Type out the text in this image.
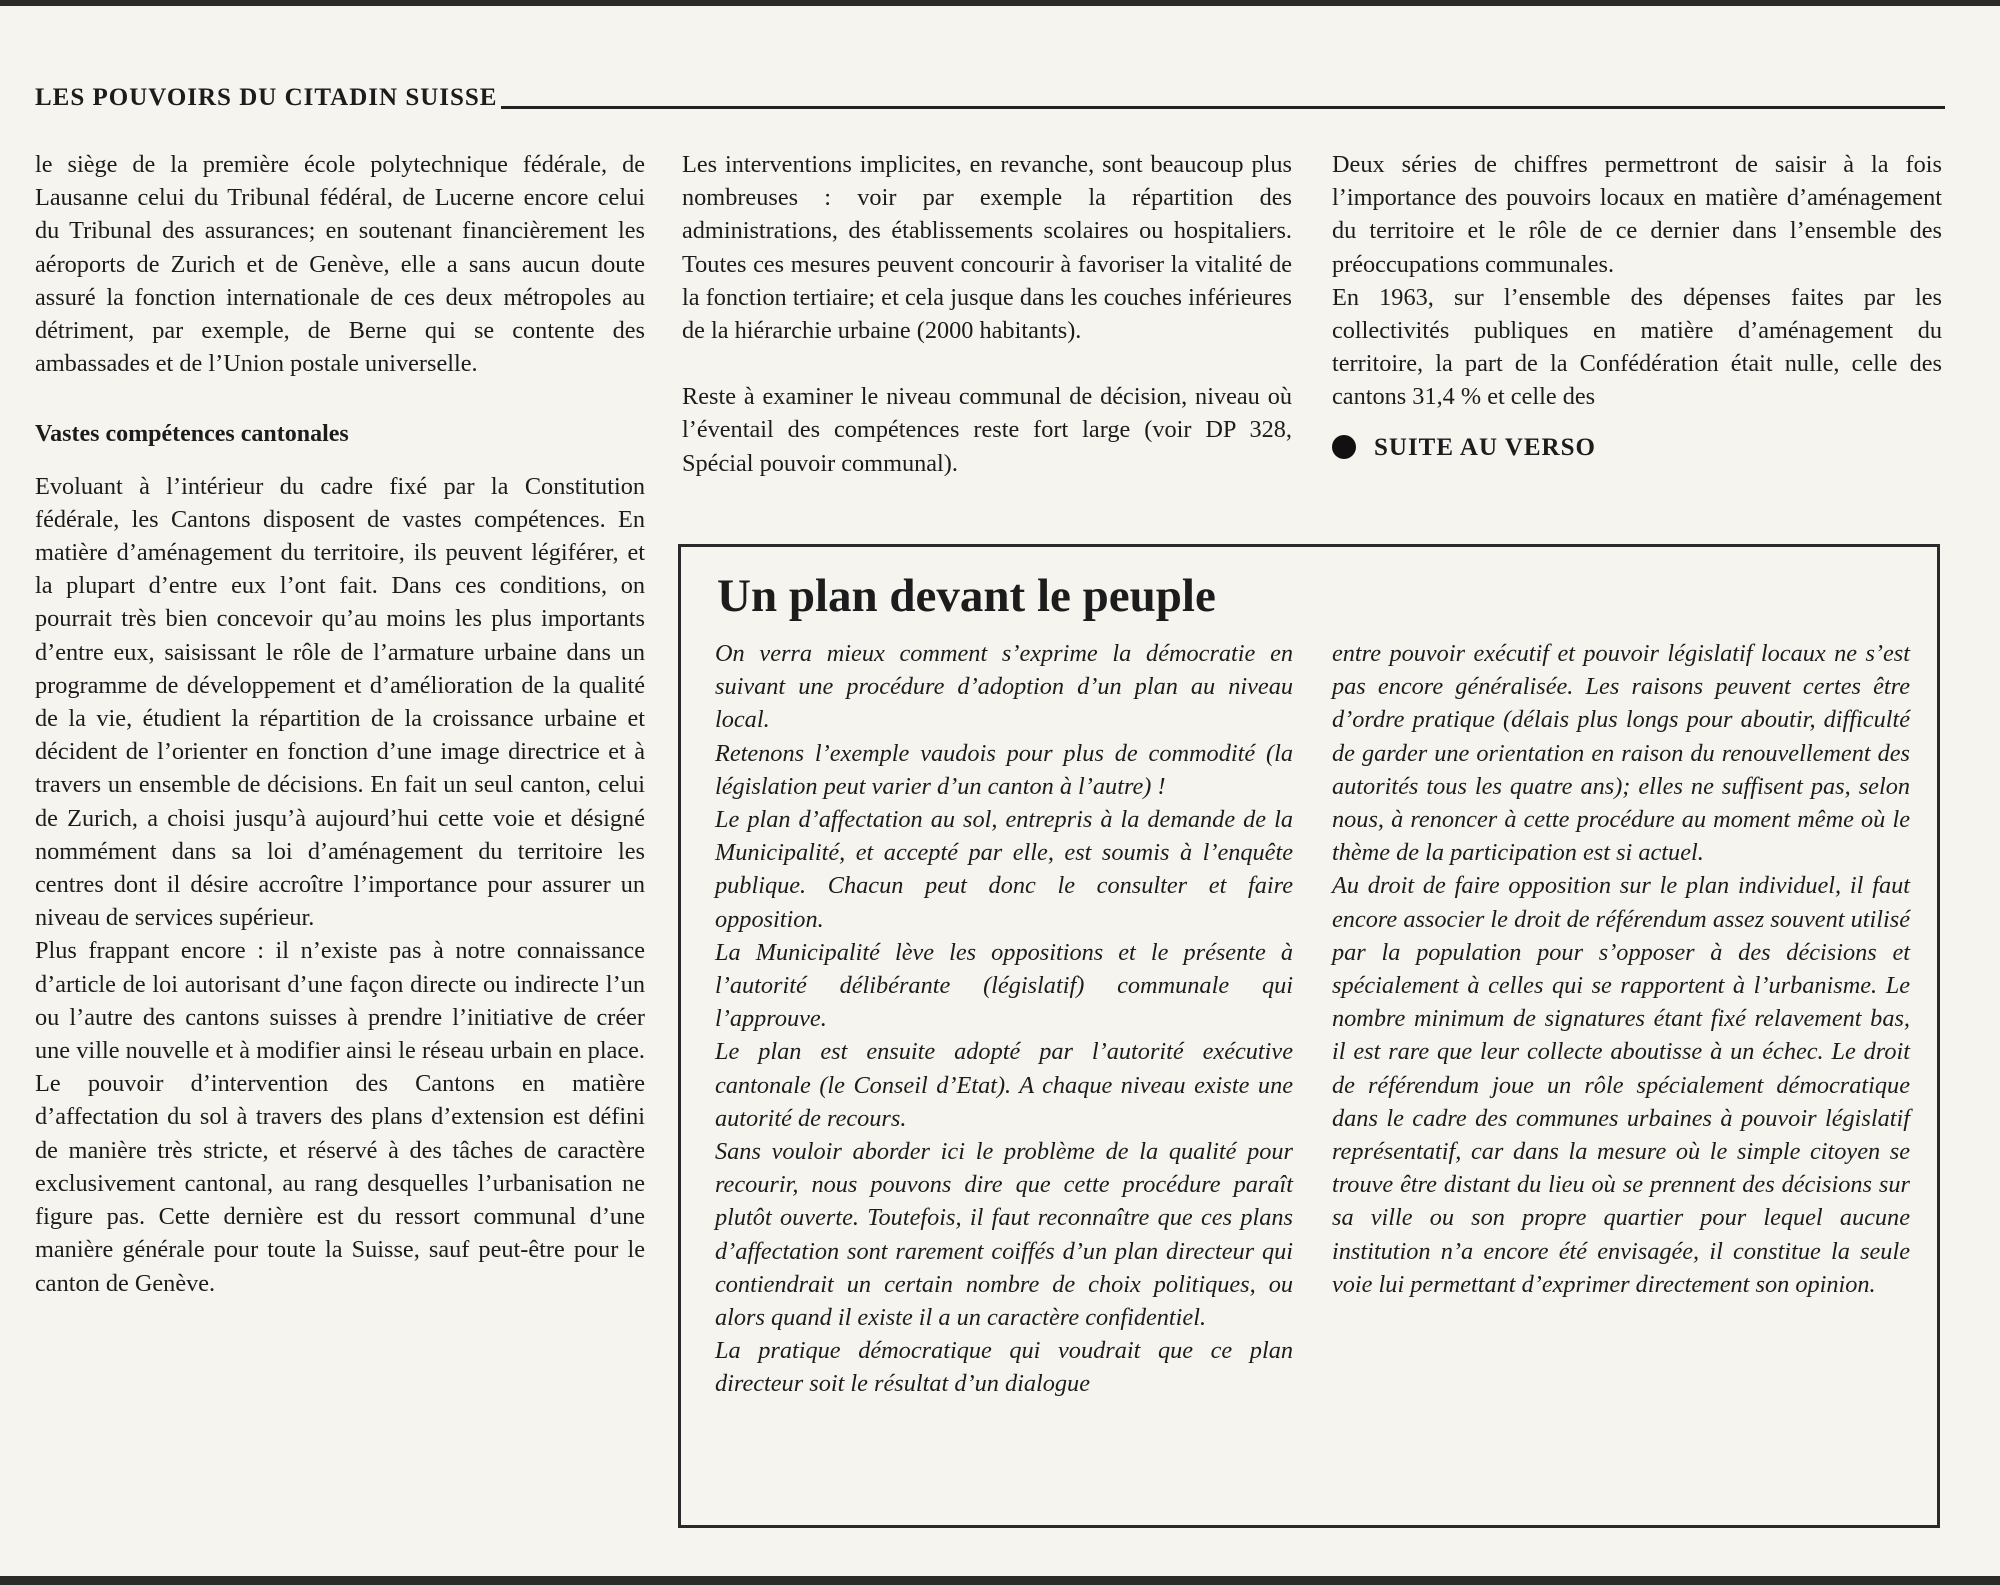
LES POUVOIRS DU CITADIN SUISSE

le siège de la première école polytechnique fédérale, de Lausanne celui du Tribunal fédéral, de Lucerne encore celui du Tribunal des assurances; en soutenant financièrement les aéroports de Zurich et de Genève, elle a sans aucun doute assuré la fonction internationale de ces deux métropoles au détriment, par exemple, de Berne qui se contente des ambassades et de l’Union postale universelle.

Vastes compétences cantonales

Evoluant à l’intérieur du cadre fixé par la Constitution fédérale, les Cantons disposent de vastes compétences. En matière d’aménagement du territoire, ils peuvent légiférer, et la plupart d’entre eux l’ont fait. Dans ces conditions, on pourrait très bien concevoir qu’au moins les plus importants d’entre eux, saisissant le rôle de l’armature urbaine dans un programme de développement et d’amélioration de la qualité de la vie, étudient la répartition de la croissance urbaine et décident de l’orienter en fonction d’une image directrice et à travers un ensemble de décisions. En fait un seul canton, celui de Zurich, a choisi jusqu’à aujourd’hui cette voie et désigné nommément dans sa loi d’aménagement du territoire les centres dont il désire accroître l’importance pour assurer un niveau de services supérieur.

Plus frappant encore : il n’existe pas à notre connaissance d’article de loi autorisant d’une façon directe ou indirecte l’un ou l’autre des cantons suisses à prendre l’initiative de créer une ville nouvelle et à modifier ainsi le réseau urbain en place. Le pouvoir d’intervention des Cantons en matière d’affectation du sol à travers des plans d’extension est défini de manière très stricte, et réservé à des tâches de caractère exclusivement cantonal, au rang desquelles l’urbanisation ne figure pas. Cette dernière est du ressort communal d’une manière générale pour toute la Suisse, sauf peut-être pour le canton de Genève.

Les interventions implicites, en revanche, sont beaucoup plus nombreuses : voir par exemple la répartition des administrations, des établissements scolaires ou hospitaliers. Toutes ces mesures peuvent concourir à favoriser la vitalité de la fonction tertiaire; et cela jusque dans les couches inférieures de la hiérarchie urbaine (2000 habitants).

Reste à examiner le niveau communal de décision, niveau où l’éventail des compétences reste fort large (voir DP 328, Spécial pouvoir communal).

Deux séries de chiffres permettront de saisir à la fois l’importance des pouvoirs locaux en matière d’aménagement du territoire et le rôle de ce dernier dans l’ensemble des préoccupations communales.

En 1963, sur l’ensemble des dépenses faites par les collectivités publiques en matière d’aménagement du territoire, la part de la Confédération était nulle, celle des cantons 31,4 % et celle des

SUITE AU VERSO
Un plan devant le peuple

On verra mieux comment s’exprime la démocratie en suivant une procédure d’adoption d’un plan au niveau local.

Retenons l’exemple vaudois pour plus de commodité (la législation peut varier d’un canton à l’autre) !

Le plan d’affectation au sol, entrepris à la demande de la Municipalité, et accepté par elle, est soumis à l’enquête publique. Chacun peut donc le consulter et faire opposition.

La Municipalité lève les oppositions et le présente à l’autorité délibérante (législatif) communale qui l’approuve.

Le plan est ensuite adopté par l’autorité exécutive cantonale (le Conseil d’Etat). A chaque niveau existe une autorité de recours.

Sans vouloir aborder ici le problème de la qualité pour recourir, nous pouvons dire que cette procédure paraît plutôt ouverte. Toutefois, il faut reconnaître que ces plans d’affectation sont rarement coiffés d’un plan directeur qui contiendrait un certain nombre de choix politiques, ou alors quand il existe il a un caractère confidentiel.

La pratique démocratique qui voudrait que ce plan directeur soit le résultat d’un dialogue

entre pouvoir exécutif et pouvoir législatif locaux ne s’est pas encore généralisée. Les raisons peuvent certes être d’ordre pratique (délais plus longs pour aboutir, difficulté de garder une orientation en raison du renouvellement des autorités tous les quatre ans); elles ne suffisent pas, selon nous, à renoncer à cette procédure au moment même où le thème de la participation est si actuel.

Au droit de faire opposition sur le plan individuel, il faut encore associer le droit de référendum assez souvent utilisé par la population pour s’opposer à des décisions et spécialement à celles qui se rapportent à l’urbanisme. Le nombre minimum de signatures étant fixé relavement bas, il est rare que leur collecte aboutisse à un échec. Le droit de référendum joue un rôle spécialement démocratique dans le cadre des communes urbaines à pouvoir législatif représentatif, car dans la mesure où le simple citoyen se trouve être distant du lieu où se prennent des décisions sur sa ville ou son propre quartier pour lequel aucune institution n’a encore été envisagée, il constitue la seule voie lui permettant d’exprimer directement son opinion.
